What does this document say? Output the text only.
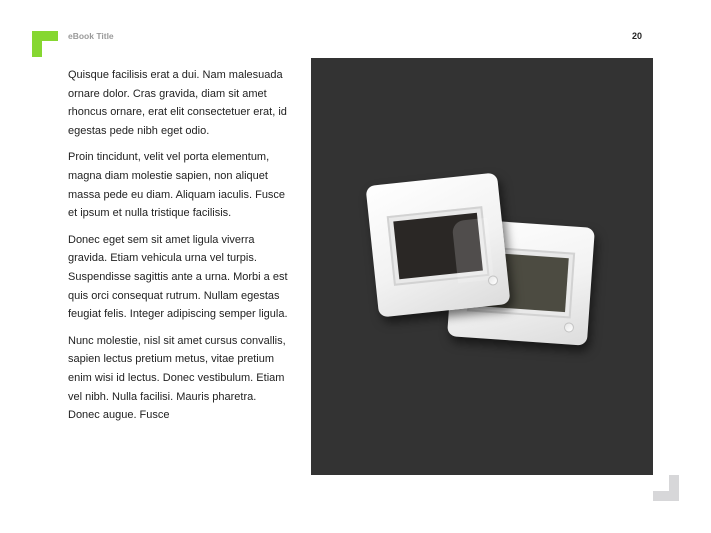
eBook Title	20

Quisque facilisis erat a dui. Nam malesuada ornare dolor. Cras gravida, diam sit amet rhoncus ornare, erat elit consectetuer erat, id egestas pede nibh eget odio.

Proin tincidunt, velit vel porta elementum, magna diam molestie sapien, non aliquet massa pede eu diam. Aliquam iaculis. Fusce et ipsum et nulla tristique facilisis.

Donec eget sem sit amet ligula viverra gravida. Etiam vehicula urna vel turpis. Suspendisse sagittis ante a urna. Morbi a est quis orci consequat rutrum. Nullam egestas feugiat felis. Integer adipiscing semper ligula.

Nunc molestie, nisl sit amet cursus convallis, sapien lectus pretium metus, vitae pretium enim wisi id lectus. Donec vestibulum. Etiam vel nibh. Nulla facilisi. Mauris pharetra. Donec augue. Fusce
